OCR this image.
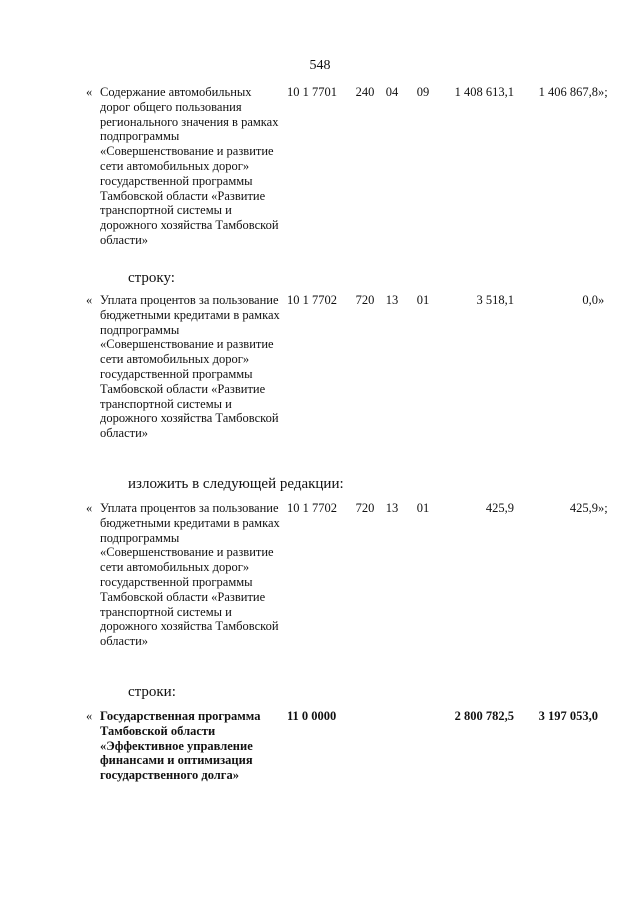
548
« Содержание автомобильных дорог общего пользования регионального значения в рамках подпрограммы «Совершенствование и развитие сети автомобильных дорог» государственной программы Тамбовской области «Развитие транспортной системы и дорожного хозяйства Тамбовской области»
10 1 7701	240 04 09	1 408 613,1	1 406 867,8 »;
строку:
« Уплата процентов за пользование бюджетными кредитами в рамках подпрограммы «Совершенствование и развитие сети автомобильных дорог» государственной программы Тамбовской области «Развитие транспортной системы и дорожного хозяйства Тамбовской области»
10 1 7702	720 13 01	3 518,1	0,0 »
изложить в следующей редакции:
« Уплата процентов за пользование бюджетными кредитами в рамках подпрограммы «Совершенствование и развитие сети автомобильных дорог» государственной программы Тамбовской области «Развитие транспортной системы и дорожного хозяйства Тамбовской области»
10 1 7702	720 13 01	425,9	425,9 »;
строки:
« Государственная программа Тамбовской области «Эффективное управление финансами и оптимизация государственного долга»
11 0 0000	2 800 782,5	3 197 053,0
